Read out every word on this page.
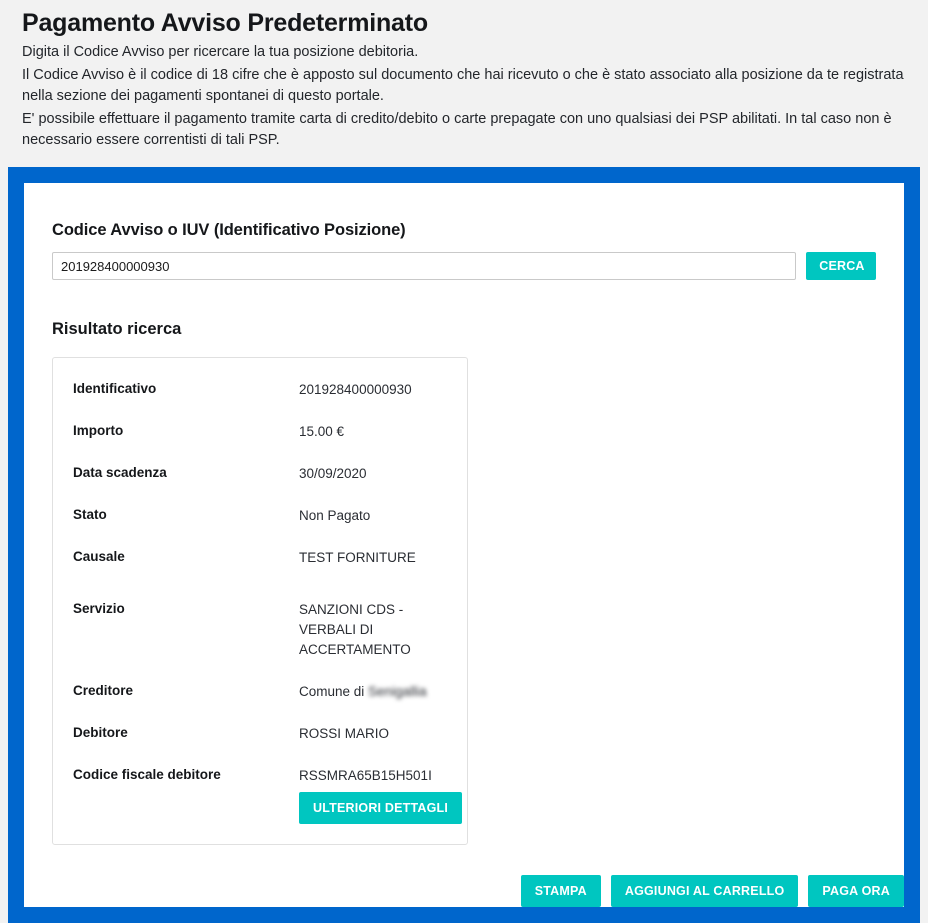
Pagamento Avviso Predeterminato

Digita il Codice Avviso per ricercare la tua posizione debitoria.

Il Codice Avviso è il codice di 18 cifre che è apposto sul documento che hai ricevuto o che è stato associato alla posizione da te registrata nella sezione dei pagamenti spontanei di questo portale.

E' possibile effettuare il pagamento tramite carta di credito/debito o carte prepagate con uno qualsiasi dei PSP abilitati. In tal caso non è necessario essere correntisti di tali PSP.

Codice Avviso o IUV (Identificativo Posizione)
201928400000930
CERCA
Risultato ricerca
Identificativo	201928400000930
Importo	15.00 €
Data scadenza	30/09/2020
Stato	Non Pagato
Causale	TEST FORNITURE
Servizio	SANZIONI CDS - VERBALI DI ACCERTAMENTO
Creditore	Comune di Senigallia
Debitore	ROSSI MARIO
Codice fiscale debitore	RSSMRA65B15H501I
ULTERIORI DETTAGLI
STAMPA	AGGIUNGI AL CARRELLO	PAGA ORA
